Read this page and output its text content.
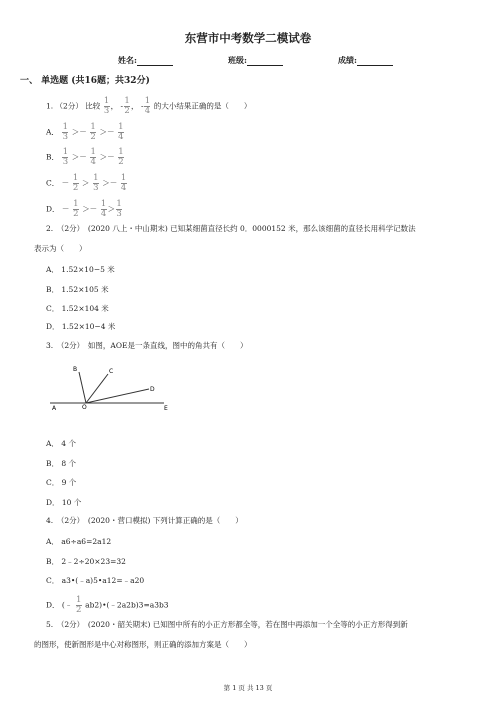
东营市中考数学二模试卷
姓名:	班级:	成绩:
一、 单选题 (共16题；共32分)
1. （2分） 比较 $\frac{1}{3}$ ， - $\frac{1}{2}$ ， - $\frac{1}{4}$ 的大小结果正确的是（　　）
A． $\frac{1}{3} >- \frac{1}{2} >- \frac{1}{4}$
B． $\frac{1}{3} >- \frac{1}{4} >- \frac{1}{2}$
C． － $\frac{1}{2} > \frac{1}{3} >- \frac{1}{4}$
D． － $\frac{1}{2} >- \frac{1}{4} > \frac{1}{3}$
2.　（2分）　(2020 八上・中山期末) 已知某细菌直径长约 0．0000152 米，那么该细菌的直径长用科学记数法
表示为（　　）
A． 1.52×10−5 米
B． 1.52×105 米
C． 1.52×104 米
D． 1.52×10−4 米
3.　（2分）　如图，AOE是一条直线，图中的角共有（　　）
A	O	E
B	C
D
A． 4 个
B． 8 个
C． 9 个
D． 10 个
4.　（2分）　(2020・营口模拟) 下列计算正确的是（　　）
A． a6÷a6=2a12
B． 2﹣2÷20×23=32
C． a3•(﹣a)5•a12=﹣a20
D． (﹣ $\frac{1}{2}$ ab2)•(﹣2a2b)3=a3b3
5.　（2分）　(2020・韶关期末) 已知图中所有的小正方形都全等，若在图中再添加一个全等的小正方形得到新
的图形，使新图形是中心对称图形，则正确的添加方案是（　　）
第 1 页 共 13 页
